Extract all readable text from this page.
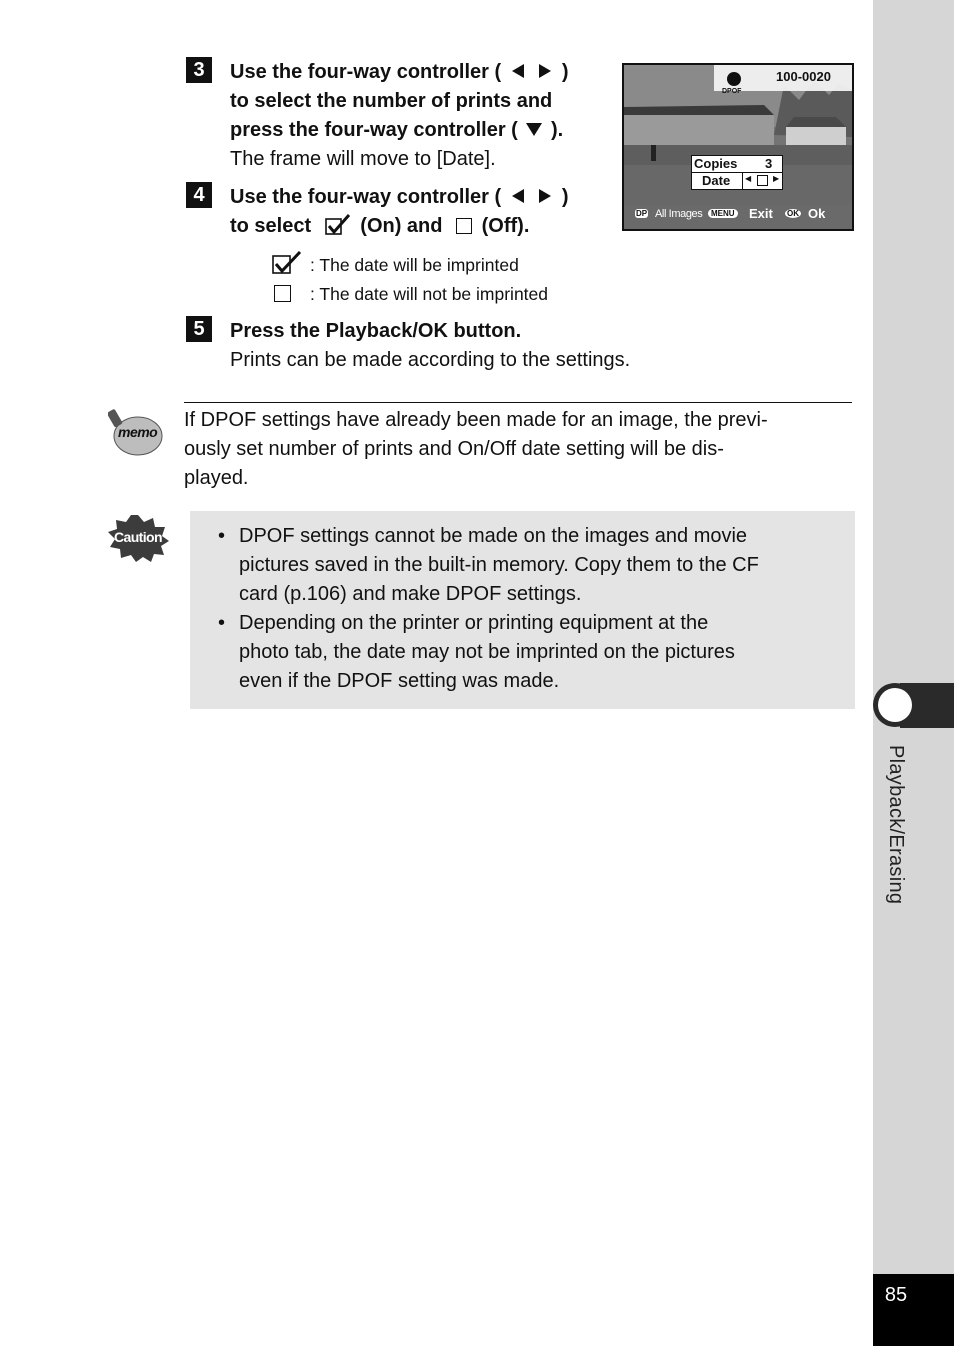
Playback/Erasing
85
3	Use the four-way controller (	)
to select the number of prints and
press the four-way controller ( ).
The frame will move to [Date].
4	Use the four-way controller (	)
to select (On) and (Off).
: The date will be imprinted
: The date will not be imprinted
5	Press the Playback/OK button.
Prints can be made according to the settings.
DPOF
100-0020
Copies 3
Date ◀	▶
DP All Images	MENU Exit OK Ok
memo
If DPOF settings have already been made for an image, the previ-
ously set number of prints and On/Off date setting will be dis-
played.
Caution	• DPOF settings cannot be made on the images and movie
pictures saved in the built-in memory. Copy them to the CF
card (p.106) and make DPOF settings.
• Depending on the printer or printing equipment at the
photo tab, the date may not be imprinted on the pictures
even if the DPOF setting was made.
